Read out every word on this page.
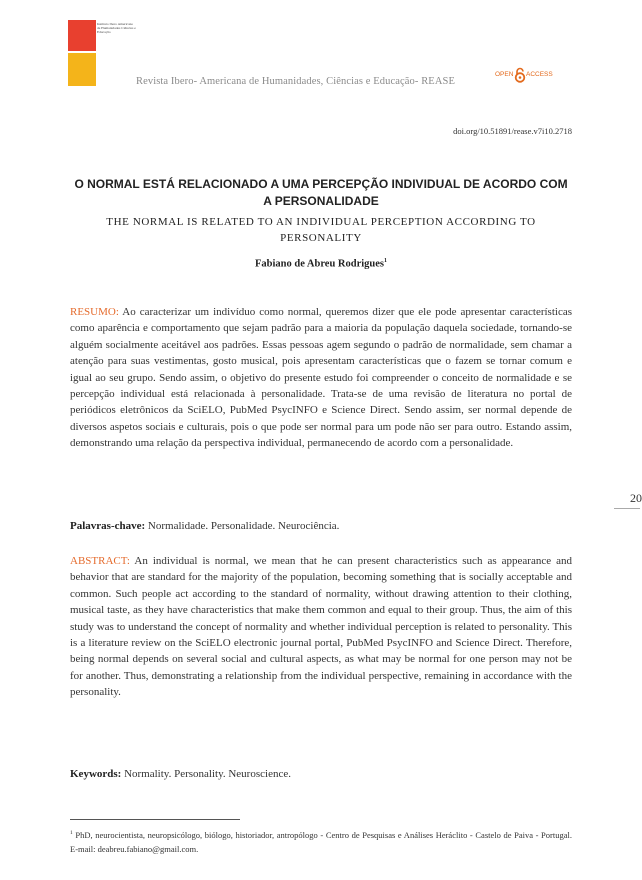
Instituto Ibero Americano de Humanidades Ciências e Educação
Revista Ibero- Americana de Humanidades, Ciências e Educação- REASE
OPEN ACCESS
doi.org/10.51891/rease.v7i10.2718
O NORMAL ESTÁ RELACIONADO A UMA PERCEPÇÃO INDIVIDUAL DE ACORDO COM A PERSONALIDADE
THE NORMAL IS RELATED TO AN INDIVIDUAL PERCEPTION ACCORDING TO PERSONALITY
Fabiano de Abreu Rodrigues$^1$
RESUMO: Ao caracterizar um indivíduo como normal, queremos dizer que ele pode apresentar características como aparência e comportamento que sejam padrão para a maioria da população daquela sociedade, tornando-se alguém socialmente aceitável aos padrões. Essas pessoas agem segundo o padrão de normalidade, sem chamar a atenção para suas vestimentas, gosto musical, pois apresentam características que o fazem se tornar comum e igual ao seu grupo. Sendo assim, o objetivo do presente estudo foi compreender o conceito de normalidade e se percepção individual está relacionada à personalidade. Trata-se de uma revisão de literatura no portal de periódicos eletrônicos da SciELO, PubMed PsycINFO e Science Direct. Sendo assim, ser normal depende de diversos aspetos sociais e culturais, pois o que pode ser normal para um pode não ser para outro. Estando assim, demonstrando uma relação da perspectiva individual, permanecendo de acordo com a personalidade.
Palavras-chave: Normalidade. Personalidade. Neurociência.
ABSTRACT: An individual is normal, we mean that he can present characteristics such as appearance and behavior that are standard for the majority of the population, becoming something that is socially acceptable and common. Such people act according to the standard of normality, without drawing attention to their clothing, musical taste, as they have characteristics that make them common and equal to their group. Thus, the aim of this study was to understand the concept of normality and whether individual perception is related to personality. This is a literature review on the SciELO electronic journal portal, PubMed PsycINFO and Science Direct. Therefore, being normal depends on several social and cultural aspects, as what may be normal for one person may not be for another. Thus, demonstrating a relationship from the individual perspective, remaining in accordance with the personality.
Keywords: Normality. Personality. Neuroscience.
20
$^1$ PhD, neurocientista, neuropsicólogo, biólogo, historiador, antropólogo - Centro de Pesquisas e Análises Heráclito - Castelo de Paiva - Portugal. E-mail: deabreu.fabiano@gmail.com.
